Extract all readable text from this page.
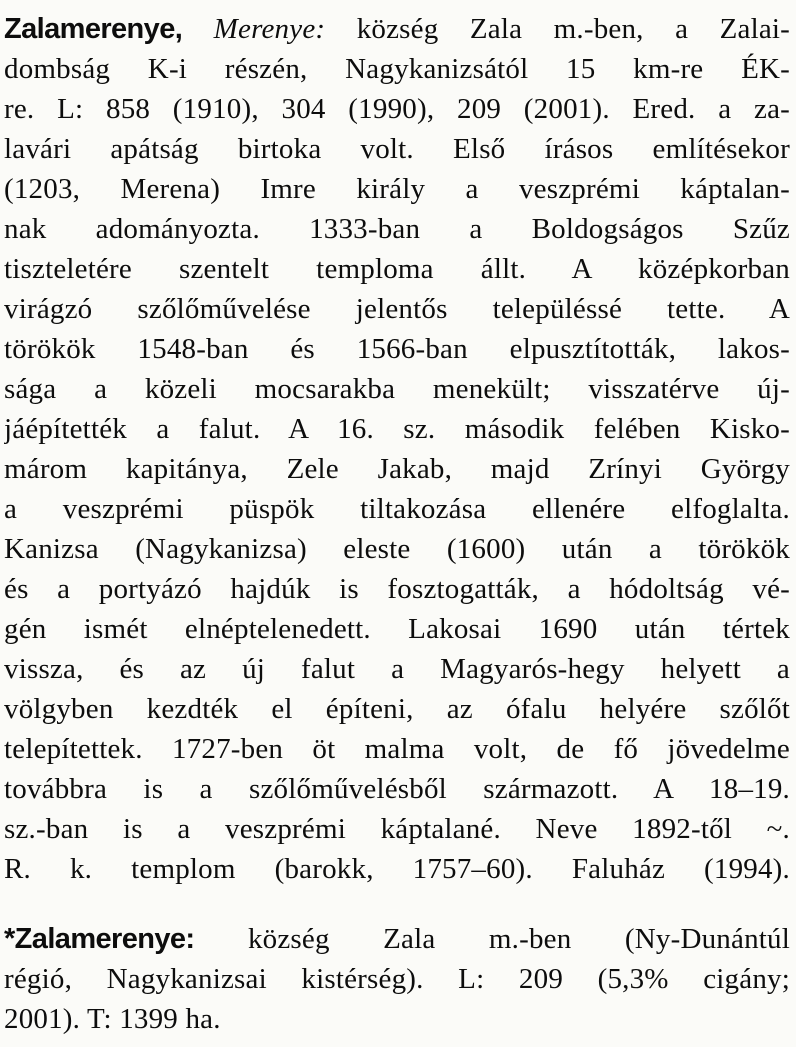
Zalamerenye, Merenye: község Zala m.-ben, a Zalai-
dombság K-i részén, Nagykanizsától 15 km-re ÉK-
re. L: 858 (1910), 304 (1990), 209 (2001). Ered. a za-
lavári apátság birtoka volt. Első írásos említésekor
(1203, Merena) Imre király a veszprémi káptalan-
nak adományozta. 1333-ban a Boldogságos Szűz
tiszteletére szentelt temploma állt. A középkorban
virágzó szőlőművelése jelentős településsé tette. A
törökök 1548-ban és 1566-ban elpusztították, lakos-
sága a közeli mocsarakba menekült; visszatérve új-
jáépítették a falut. A 16. sz. második felében Kisko-
márom kapitánya, Zele Jakab, majd Zrínyi György
a veszprémi püspök tiltakozása ellenére elfoglalta.
Kanizsa (Nagykanizsa) eleste (1600) után a törökök
és a portyázó hajdúk is fosztogatták, a hódoltság vé-
gén ismét elnéptelenedett. Lakosai 1690 után tértek
vissza, és az új falut a Magyarós-hegy helyett a
völgyben kezdték el építeni, az ófalu helyére szőlőt
telepítettek. 1727-ben öt malma volt, de fő jövedelme
továbbra is a szőlőművelésből származott. A 18–19.
sz.-ban is a veszprémi káptalané. Neve 1892-től ~.
R. k. templom (barokk, 1757–60). Faluház (1994).

*Zalamerenye: község Zala m.-ben (Ny-Dunántúl
régió, Nagykanizsai kistérség). L: 209 (5,3% cigány;
2001). T: 1399 ha.
